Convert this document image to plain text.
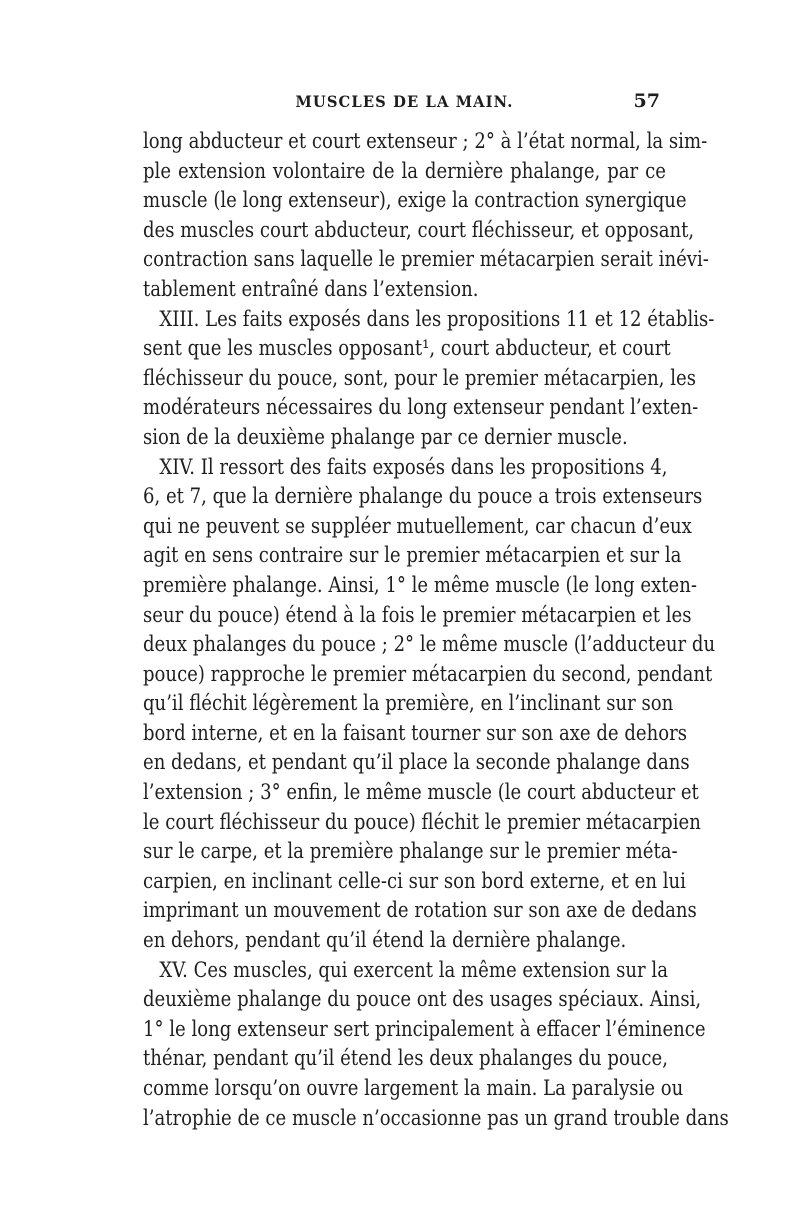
MUSCLES DE LA MAIN.	57
long abducteur et court extenseur ; 2° à l’état normal, la sim-
ple extension volontaire de la dernière phalange, par ce
muscle (le long extenseur), exige la contraction synergique
des muscles court abducteur, court fléchisseur, et opposant,
contraction sans laquelle le premier métacarpien serait inévi-
tablement entraîné dans l’extension.
XIII. Les faits exposés dans les propositions 11 et 12 établis-
sent que les muscles opposant¹, court abducteur, et court
fléchisseur du pouce, sont, pour le premier métacarpien, les
modérateurs nécessaires du long extenseur pendant l’exten-
sion de la deuxième phalange par ce dernier muscle.
XIV. Il ressort des faits exposés dans les propositions 4,
6, et 7, que la dernière phalange du pouce a trois extenseurs
qui ne peuvent se suppléer mutuellement, car chacun d’eux
agit en sens contraire sur le premier métacarpien et sur la
première phalange. Ainsi, 1° le même muscle (le long exten-
seur du pouce) étend à la fois le premier métacarpien et les
deux phalanges du pouce ; 2° le même muscle (l’adducteur du
pouce) rapproche le premier métacarpien du second, pendant
qu’il fléchit légèrement la première, en l’inclinant sur son
bord interne, et en la faisant tourner sur son axe de dehors
en dedans, et pendant qu’il place la seconde phalange dans
l’extension ; 3° enfin, le même muscle (le court abducteur et
le court fléchisseur du pouce) fléchit le premier métacarpien
sur le carpe, et la première phalange sur le premier méta-
carpien, en inclinant celle-ci sur son bord externe, et en lui
imprimant un mouvement de rotation sur son axe de dedans
en dehors, pendant qu’il étend la dernière phalange.
XV. Ces muscles, qui exercent la même extension sur la
deuxième phalange du pouce ont des usages spéciaux. Ainsi,
1° le long extenseur sert principalement à effacer l’éminence
thénar, pendant qu’il étend les deux phalanges du pouce,
comme lorsqu’on ouvre largement la main. La paralysie ou
l’atrophie de ce muscle n’occasionne pas un grand trouble dans
